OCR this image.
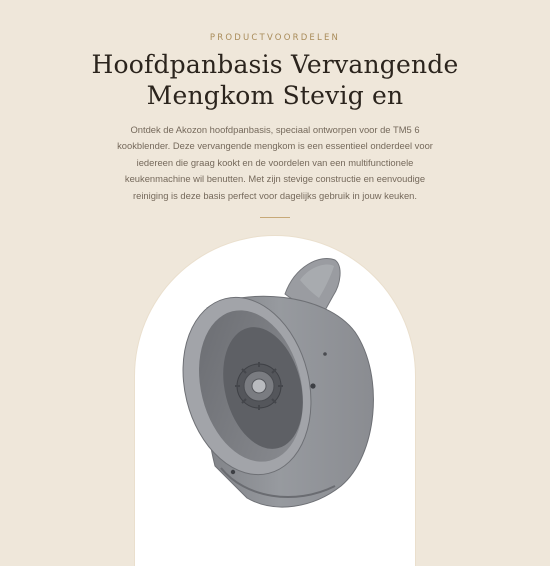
PRODUCTVOORDELEN
Hoofdpanbasis Vervangende
Mengkom Stevig en
Ontdek de Akozon hoofdpanbasis, speciaal ontworpen voor de TM5 6
kookblender. Deze vervangende mengkom is een essentieel onderdeel voor
iedereen die graag kookt en de voordelen van een multifunctionele
keukenmachine wil benutten. Met zijn stevige constructie en eenvoudige
reiniging is deze basis perfect voor dagelijks gebruik in jouw keuken.
